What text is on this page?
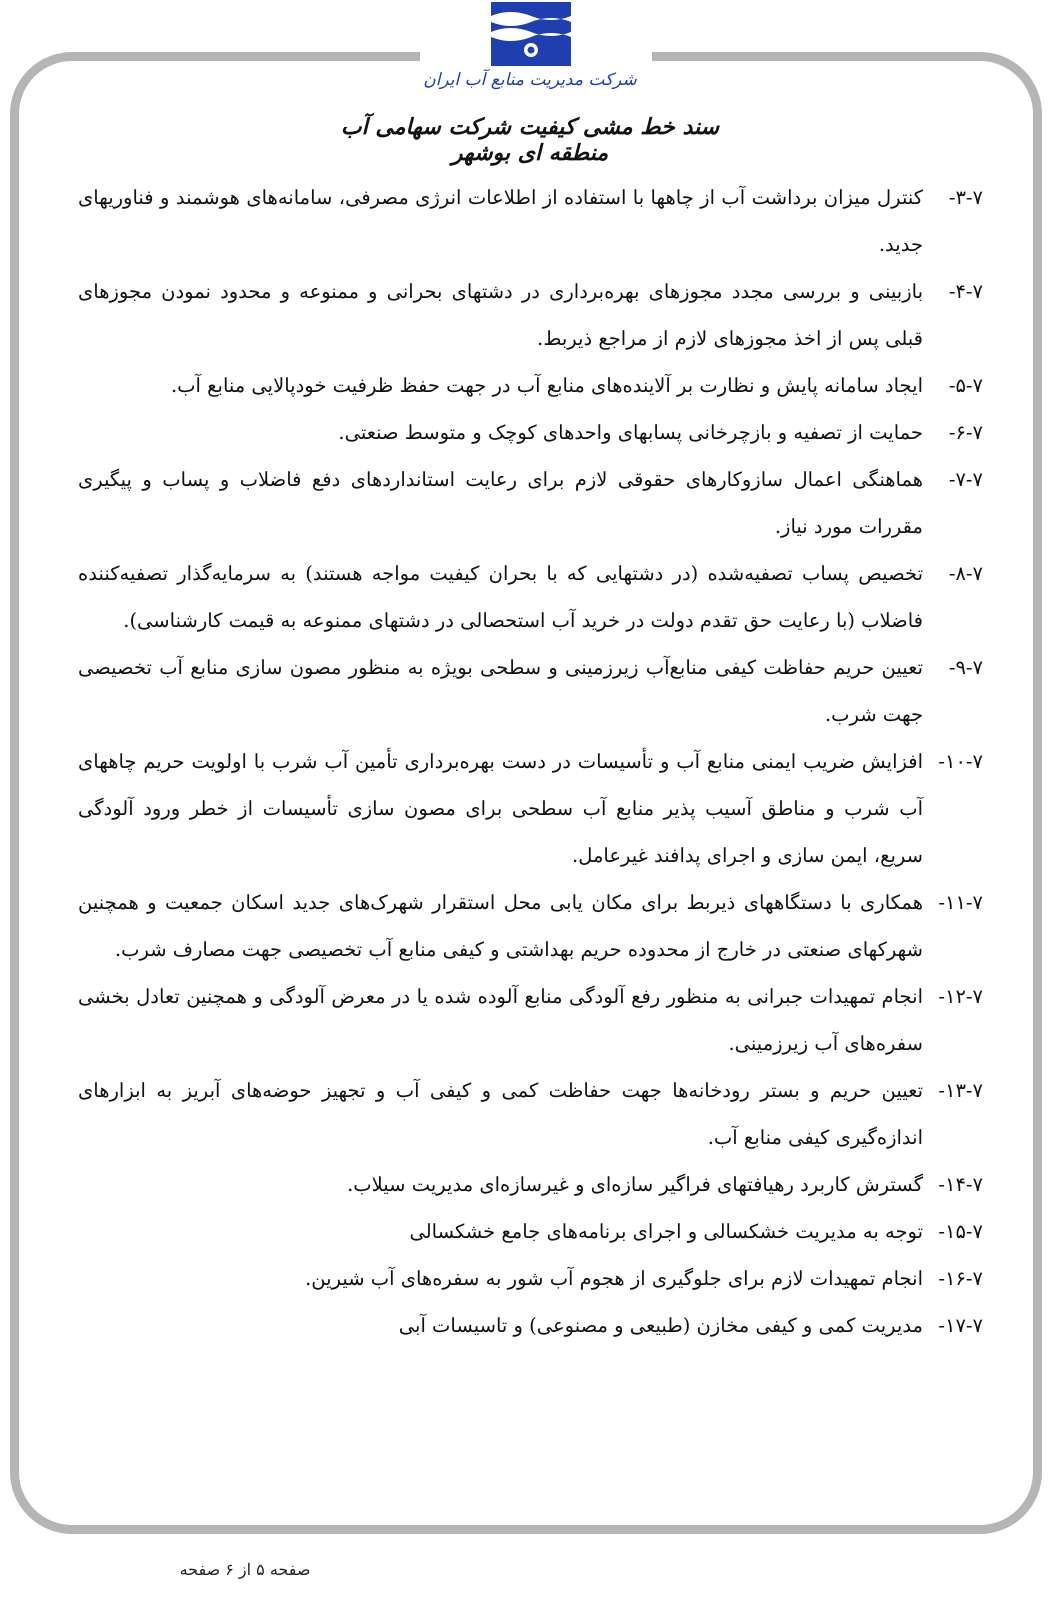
شرکت مدیریت منابع آب ایران
سند خط مشی کیفیت شرکت سهامی آب منطقه ای بوشهر
۳-۷-
کنترل میزان برداشت آب از چاهها با استفاده از اطلاعات انرژی مصرفی، سامانه‌های هوشمند و فناوریهای جدید.
۴-۷-
بازبینی و بررسی مجدد مجوزهای بهره‌برداری در دشتهای بحرانی و ممنوعه و محدود نمودن مجوزهای قبلی پس از اخذ مجوزهای لازم از مراجع ذیربط.
۵-۷-
ایجاد سامانه پایش و نظارت بر آلاینده‌های منابع آب در جهت حفظ ظرفیت خودپالایی منابع آب.
۶-۷-
حمایت از تصفیه و بازچرخانی پسابهای واحدهای کوچک و متوسط صنعتی.
۷-۷-
هماهنگی اعمال سازوکارهای حقوقی لازم برای رعایت استانداردهای دفع فاضلاب و پساب و پیگیری مقررات مورد نیاز.
۸-۷-
تخصیص پساب تصفیه‌شده (در دشتهایی که با بحران کیفیت مواجه هستند) به سرمایه‌گذار تصفیه‌کننده فاضلاب (با رعایت حق تقدم دولت در خرید آب استحصالی در دشتهای ممنوعه به قیمت کارشناسی).
۹-۷-
تعیین حریم حفاظت کیفی منابع‌آب زیرزمینی و سطحی بویژه به منظور مصون سازی منابع آب تخصیصی جهت شرب.
۱۰-۷-
افزایش ضریب ایمنی منابع آب و تأسیسات در دست بهره‌برداری تأمین آب شرب با اولویت حریم چاههای آب شرب و مناطق آسیب پذیر منابع آب سطحی برای مصون سازی تأسیسات از خطر ورود آلودگی سریع، ایمن سازی و اجرای پدافند غیرعامل.
۱۱-۷-
همکاری با دستگاههای ذیربط برای مکان یابی محل استقرار شهرک‌های جدید اسکان جمعیت و همچنین شهرکهای صنعتی در خارج از محدوده حریم بهداشتی و کیفی منابع آب تخصیصی جهت مصارف شرب.
۱۲-۷-
انجام تمهیدات جبرانی به منظور رفع آلودگی منابع آلوده شده یا در معرض آلودگی و همچنین تعادل بخشی سفره‌های آب زیرزمینی.
۱۳-۷-
تعیین حریم و بستر رودخانه‌ها جهت حفاظت کمی و کیفی آب و تجهیز حوضه‌های آبریز به ابزارهای اندازه‌گیری کیفی منابع آب.
۱۴-۷-
گسترش کاربرد رهیافتهای فراگیر سازه‌ای و غیرسازه‌ای مدیریت سیلاب.
۱۵-۷-
توجه به مدیریت خشکسالی و اجرای برنامه‌های جامع خشکسالی
۱۶-۷-
انجام تمهیدات لازم برای جلوگیری از هجوم آب شور به سفره‌های آب شیرین.
۱۷-۷-
مدیریت کمی و کیفی مخازن (طبیعی و مصنوعی) و تاسیسات آبی
صفحه ۵ از ۶ صفحه
